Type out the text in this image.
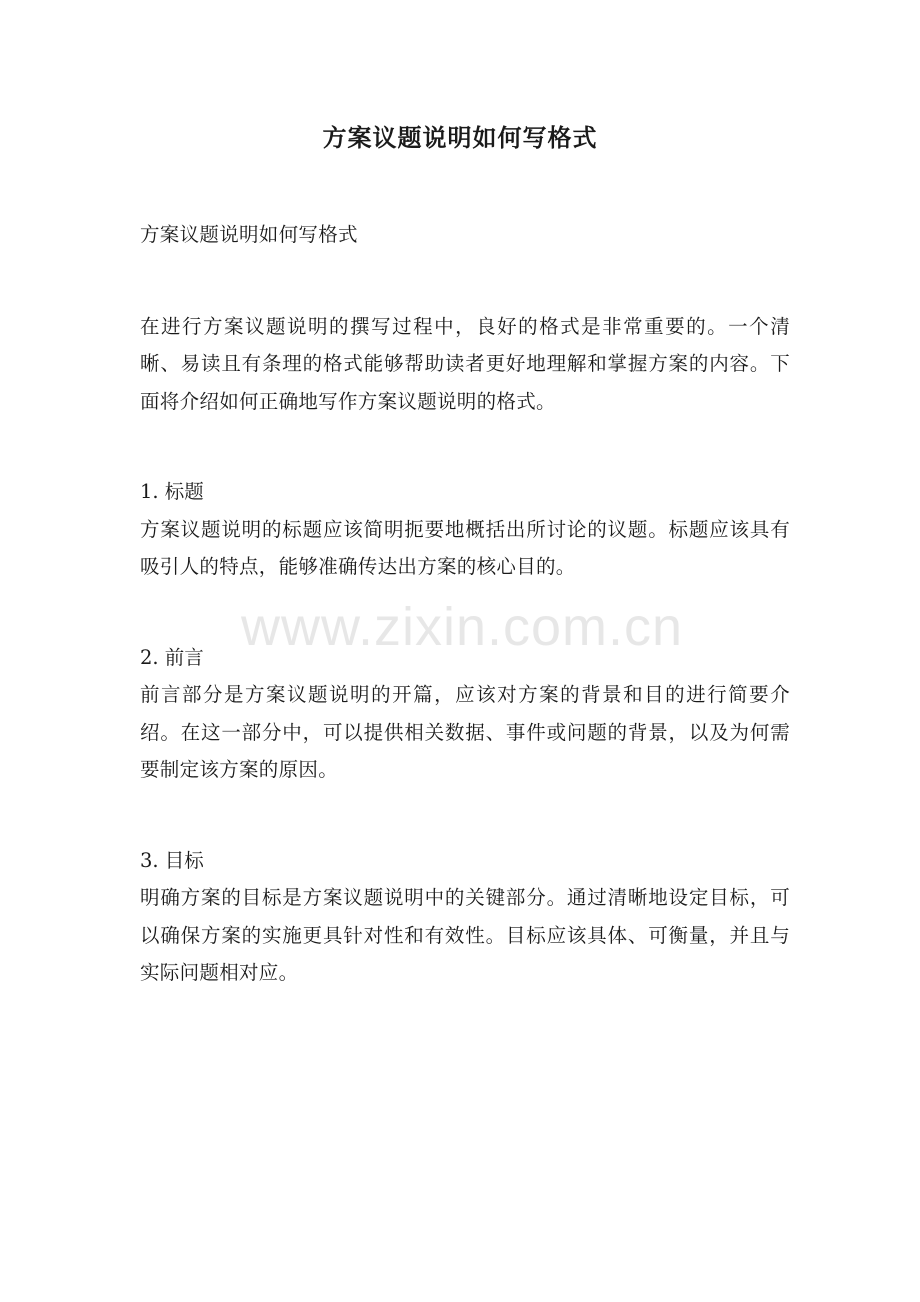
方案议题说明如何写格式

方案议题说明如何写格式

在进行方案议题说明的撰写过程中，良好的格式是非常重要的。一个清晰、易读且有条理的格式能够帮助读者更好地理解和掌握方案的内容。下面将介绍如何正确地写作方案议题说明的格式。

1. 标题

方案议题说明的标题应该简明扼要地概括出所讨论的议题。标题应该具有吸引人的特点，能够准确传达出方案的核心目的。

2. 前言

前言部分是方案议题说明的开篇，应该对方案的背景和目的进行简要介绍。在这一部分中，可以提供相关数据、事件或问题的背景，以及为何需要制定该方案的原因。

3. 目标

明确方案的目标是方案议题说明中的关键部分。通过清晰地设定目标，可以确保方案的实施更具针对性和有效性。目标应该具体、可衡量，并且与实际问题相对应。

www.zixin.com.cn
